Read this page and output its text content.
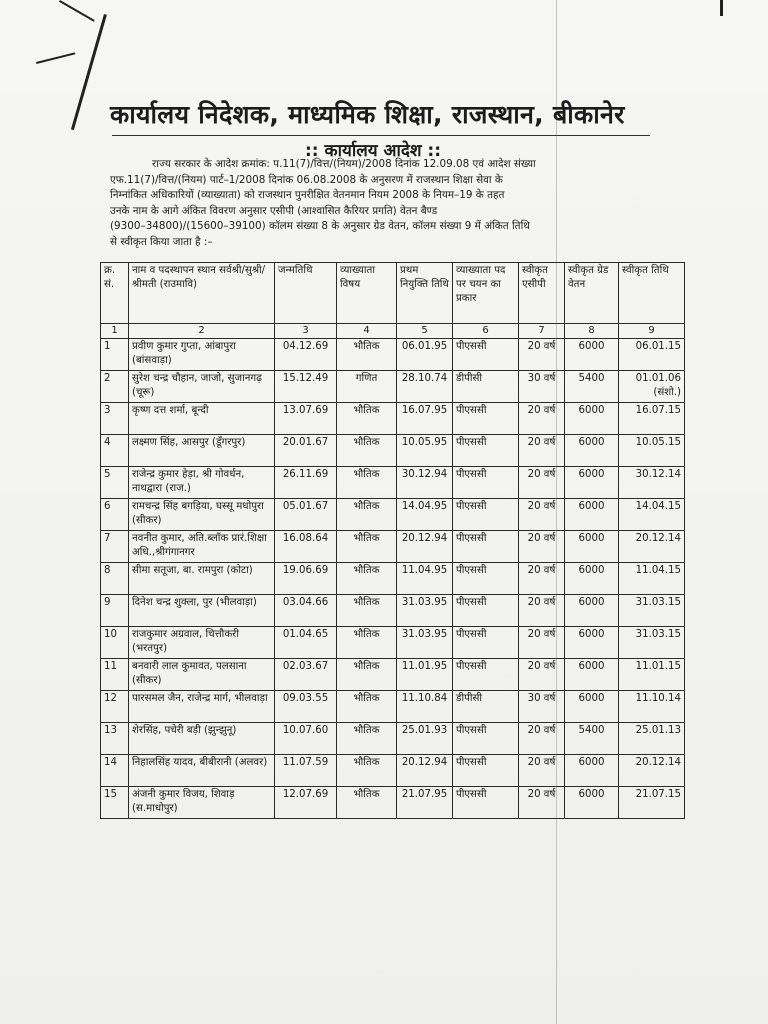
कार्यालय निदेशक, माध्यमिक शिक्षा, राजस्थान, बीकानेर
:: कार्यालय आदेश ::
राज्य सरकार के आदेश क्रमांक: प.11(7)/वित्त/(नियम)/2008 दिनांक 12.09.08 एवं आदेश संख्या
एफ.11(7)/वित्त/(नियम) पार्ट–1/2008 दिनांक 06.08.2008 के अनुसरण में राजस्थान शिक्षा सेवा के
निम्नांकित अधिकारियों (व्याख्याता) को राजस्थान पुनरीक्षित वेतनमान नियम 2008 के नियम–19 के तहत
उनके नाम के आगे अंकित विवरण अनुसार एसीपी (आश्वासित कैरियर प्रगति) वेतन बैण्ड
(9300–34800)/(15600–39100) कॉलम संख्या 8 के अनुसार ग्रेड वेतन, कॉलम संख्या 9 में अंकित तिथि
से स्वीकृत किया जाता है :–
क्र. सं.	नाम व पदस्थापन स्थान सर्वश्री/सुश्री/श्रीमती (राउमावि)	जन्मतिथि	व्याख्याता विषय	प्रथम नियुक्ति तिथि	व्याख्याता पद पर चयन का प्रकार	स्वीकृत एसीपी	स्वीकृत ग्रेड वेतन	स्वीकृत तिथि
1	2	3	4	5	6	7	8	9
1	प्रवीण कुमार गुप्ता, आंबापुरा (बांसवाड़ा)	04.12.69	भौतिक	06.01.95	पीएससी	20 वर्ष	6000	06.01.15
2	सुरेश चन्द्र चौहान, जाजो, सुजानगढ़ (चूरू)	15.12.49	गणित	28.10.74	डीपीसी	30 वर्ष	5400	01.01.06 (संशो.)
3	कृष्ण दत्त शर्मा, बून्दी	13.07.69	भौतिक	16.07.95	पीएससी	20 वर्ष	6000	16.07.15
4	लक्ष्मण सिंह, आसपुर (डूँगरपुर)	20.01.67	भौतिक	10.05.95	पीएससी	20 वर्ष	6000	10.05.15
5	राजेन्द्र कुमार हेड़ा, श्री गोवर्धन, नाथद्वारा (राज.)	26.11.69	भौतिक	30.12.94	पीएससी	20 वर्ष	6000	30.12.14
6	रामचन्द्र सिंह बगड़िया, घस्सू मधोपुरा (सीकर)	05.01.67	भौतिक	14.04.95	पीएससी	20 वर्ष	6000	14.04.15
7	नवनीत कुमार, अति.ब्लॉक प्रारं.शिक्षा अधि.,श्रीगंगानगर	16.08.64	भौतिक	20.12.94	पीएससी	20 वर्ष	6000	20.12.14
8	सीमा सतूजा, बा. रामपुरा (कोटा)	19.06.69	भौतिक	11.04.95	पीएससी	20 वर्ष	6000	11.04.15
9	दिनेश चन्द्र शुक्ला, पुर (भीलवाड़ा)	03.04.66	भौतिक	31.03.95	पीएससी	20 वर्ष	6000	31.03.15
10	राजकुमार अग्रवाल, चित्तौकरी (भरतपुर)	01.04.65	भौतिक	31.03.95	पीएससी	20 वर्ष	6000	31.03.15
11	बनवारी लाल कुमावत, पलसाना (सीकर)	02.03.67	भौतिक	11.01.95	पीएससी	20 वर्ष	6000	11.01.15
12	पारसमल जैन, राजेन्द्र मार्ग, भीलवाड़ा	09.03.55	भौतिक	11.10.84	डीपीसी	30 वर्ष	6000	11.10.14
13	शेरसिंह, पचेरी बड़ी (झुन्झुनू)	10.07.60	भौतिक	25.01.93	पीएससी	20 वर्ष	5400	25.01.13
14	निहालसिंह यादव, बीबीरानी (अलवर)	11.07.59	भौतिक	20.12.94	पीएससी	20 वर्ष	6000	20.12.14
15	अंजनी कुमार विजय, शिवाड़ (स.माधोपुर)	12.07.69	भौतिक	21.07.95	पीएससी	20 वर्ष	6000	21.07.15
